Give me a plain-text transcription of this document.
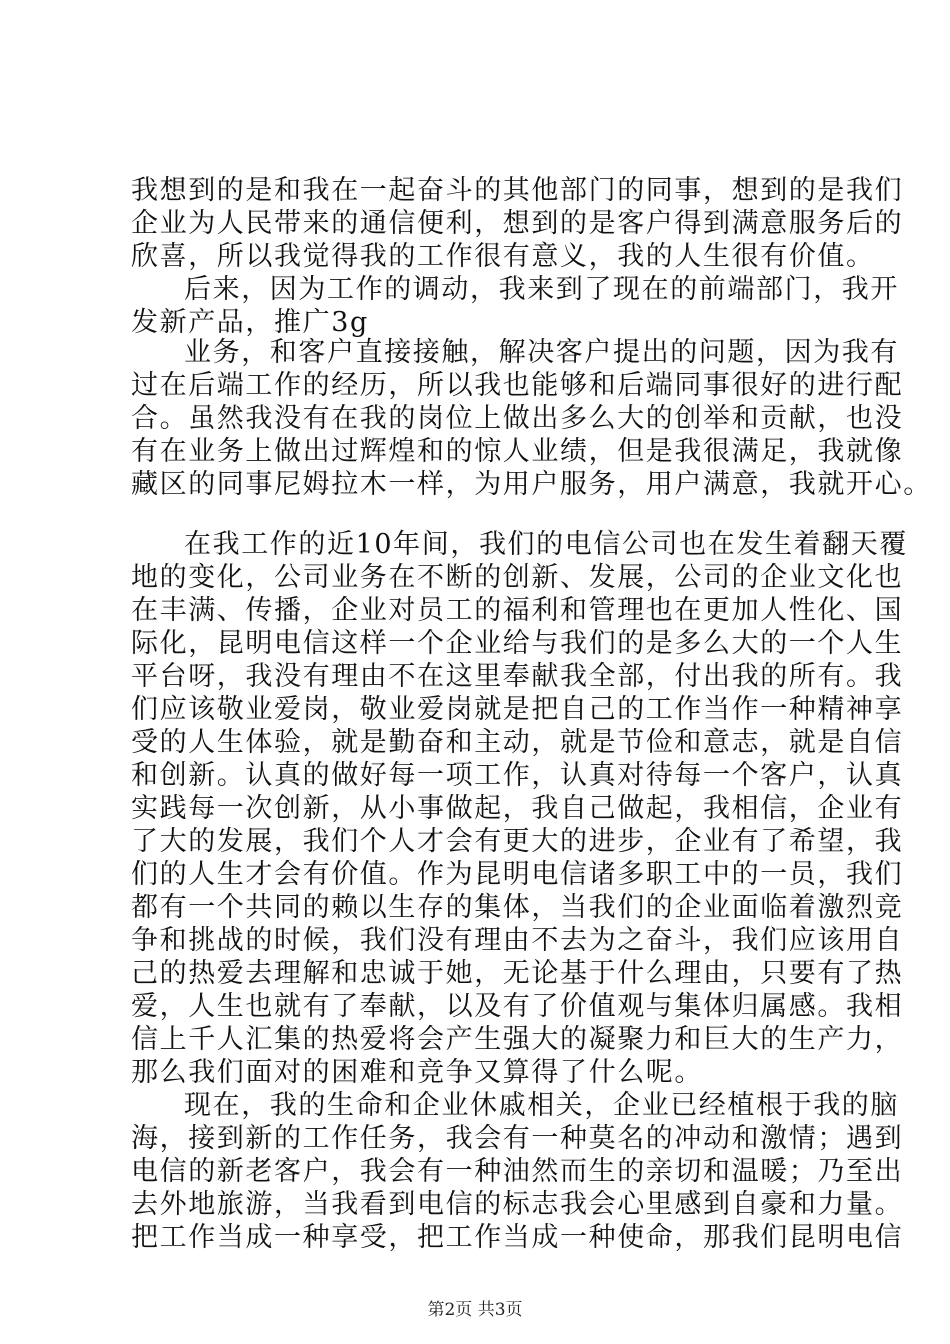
我想到的是和我在一起奋斗的其他部门的同事，想到的是我们
企业为人民带来的通信便利，想到的是客户得到满意服务后的
欣喜，所以我觉得我的工作很有意义，我的人生很有价值。
后来，因为工作的调动，我来到了现在的前端部门，我开
发新产品，推广3g
业务，和客户直接接触，解决客户提出的问题，因为我有
过在后端工作的经历，所以我也能够和后端同事很好的进行配
合。虽然我没有在我的岗位上做出多么大的创举和贡献，也没
有在业务上做出过辉煌和的惊人业绩，但是我很满足，我就像
藏区的同事尼姆拉木一样，为用户服务，用户满意，我就开心。
在我工作的近10年间，我们的电信公司也在发生着翻天覆
地的变化，公司业务在不断的创新、发展，公司的企业文化也
在丰满、传播，企业对员工的福利和管理也在更加人性化、国
际化，昆明电信这样一个企业给与我们的是多么大的一个人生
平台呀，我没有理由不在这里奉献我全部，付出我的所有。我
们应该敬业爱岗，敬业爱岗就是把自己的工作当作一种精神享
受的人生体验，就是勤奋和主动，就是节俭和意志，就是自信
和创新。认真的做好每一项工作，认真对待每一个客户，认真
实践每一次创新，从小事做起，我自己做起，我相信，企业有
了大的发展，我们个人才会有更大的进步，企业有了希望，我
们的人生才会有价值。作为昆明电信诸多职工中的一员，我们
都有一个共同的赖以生存的集体，当我们的企业面临着激烈竞
争和挑战的时候，我们没有理由不去为之奋斗，我们应该用自
己的热爱去理解和忠诚于她，无论基于什么理由，只要有了热
爱，人生也就有了奉献，以及有了价值观与集体归属感。我相
信上千人汇集的热爱将会产生强大的凝聚力和巨大的生产力，
那么我们面对的困难和竞争又算得了什么呢。
现在，我的生命和企业休戚相关，企业已经植根于我的脑
海，接到新的工作任务，我会有一种莫名的冲动和激情；遇到
电信的新老客户，我会有一种油然而生的亲切和温暖；乃至出
去外地旅游，当我看到电信的标志我会心里感到自豪和力量。
把工作当成一种享受，把工作当成一种使命，那我们昆明电信
第2页 共3页
